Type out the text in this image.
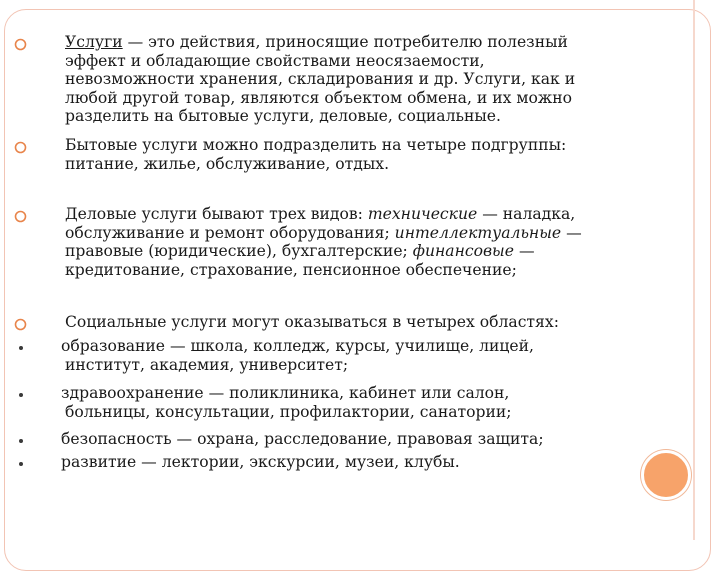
Услуги — это действия, приносящие потребителю полезный
эффект и обладающие свойствами неосязаемости,
невозможности хранения, складирования и др. Услуги, как и
любой другой товар, являются объектом обмена, и их можно
разделить на бытовые услуги, деловые, социальные.
Бытовые услуги можно подразделить на четыре подгруппы:
питание, жилье, обслуживание, отдых.
Деловые услуги бывают трех видов: технические — наладка,
обслуживание и ремонт оборудования; интеллектуальные —
правовые (юридические), бухгалтерские; финансовые —
кредитование, страхование, пенсионное обеспечение;
Социальные услуги могут оказываться в четырех областях:
образование — школа, колледж, курсы, училище, лицей,
институт, академия, университет;
здравоохранение — поликлиника, кабинет или салон,
больницы, консультации, профилактории, санатории;
безопасность — охрана, расследование, правовая защита;
развитие — лектории, экскурсии, музеи, клубы.
